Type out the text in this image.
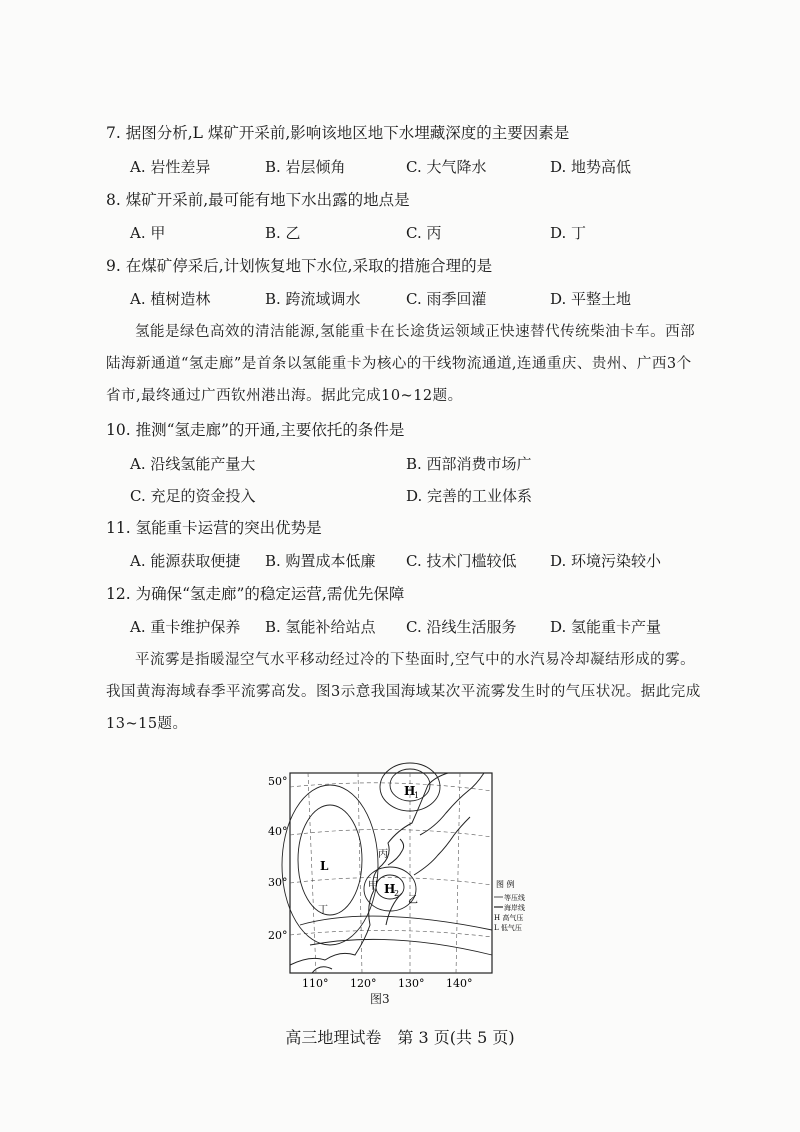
7. 据图分析,L 煤矿开采前,影响该地区地下水埋藏深度的主要因素是
A. 岩性差异	B. 岩层倾角	C. 大气降水	D. 地势高低
8. 煤矿开采前,最可能有地下水出露的地点是
A. 甲	B. 乙	C. 丙	D. 丁
9. 在煤矿停采后,计划恢复地下水位,采取的措施合理的是
A. 植树造林	B. 跨流域调水	C. 雨季回灌	D. 平整土地
氢能是绿色高效的清洁能源,氢能重卡在长途货运领域正快速替代传统柴油卡车。西部陆海新通道“氢走廊”是首条以氢能重卡为核心的干线物流通道,连通重庆、贵州、广西3个省市,最终通过广西钦州港出海。据此完成10~12题。
10. 推测“氢走廊”的开通,主要依托的条件是
A. 沿线氢能产量大	B. 西部消费市场广
C. 充足的资金投入	D. 完善的工业体系
11. 氢能重卡运营的突出优势是
A. 能源获取便捷 B. 购置成本低廉 C. 技术门槛较低 D. 环境污染较小
12. 为确保“氢走廊”的稳定运营,需优先保障
A. 重卡维护保养 B. 氢能补给站点 C. 沿线生活服务 D. 氢能重卡产量
平流雾是指暖湿空气水平移动经过冷的下垫面时,空气中的水汽易冷却凝结形成的雾。我国黄海海域春季平流雾高发。图3示意我国海域某次平流雾发生时的气压状况。据此完成13~15题。
50°
40°
30°
20°
110° 120° 130° 140°
L
H
1
H
2
甲
乙
丙
丁
图 例
等压线
海岸线
H 高气压
L 低气压
图3
高三地理试卷　第 3 页(共 5 页)
